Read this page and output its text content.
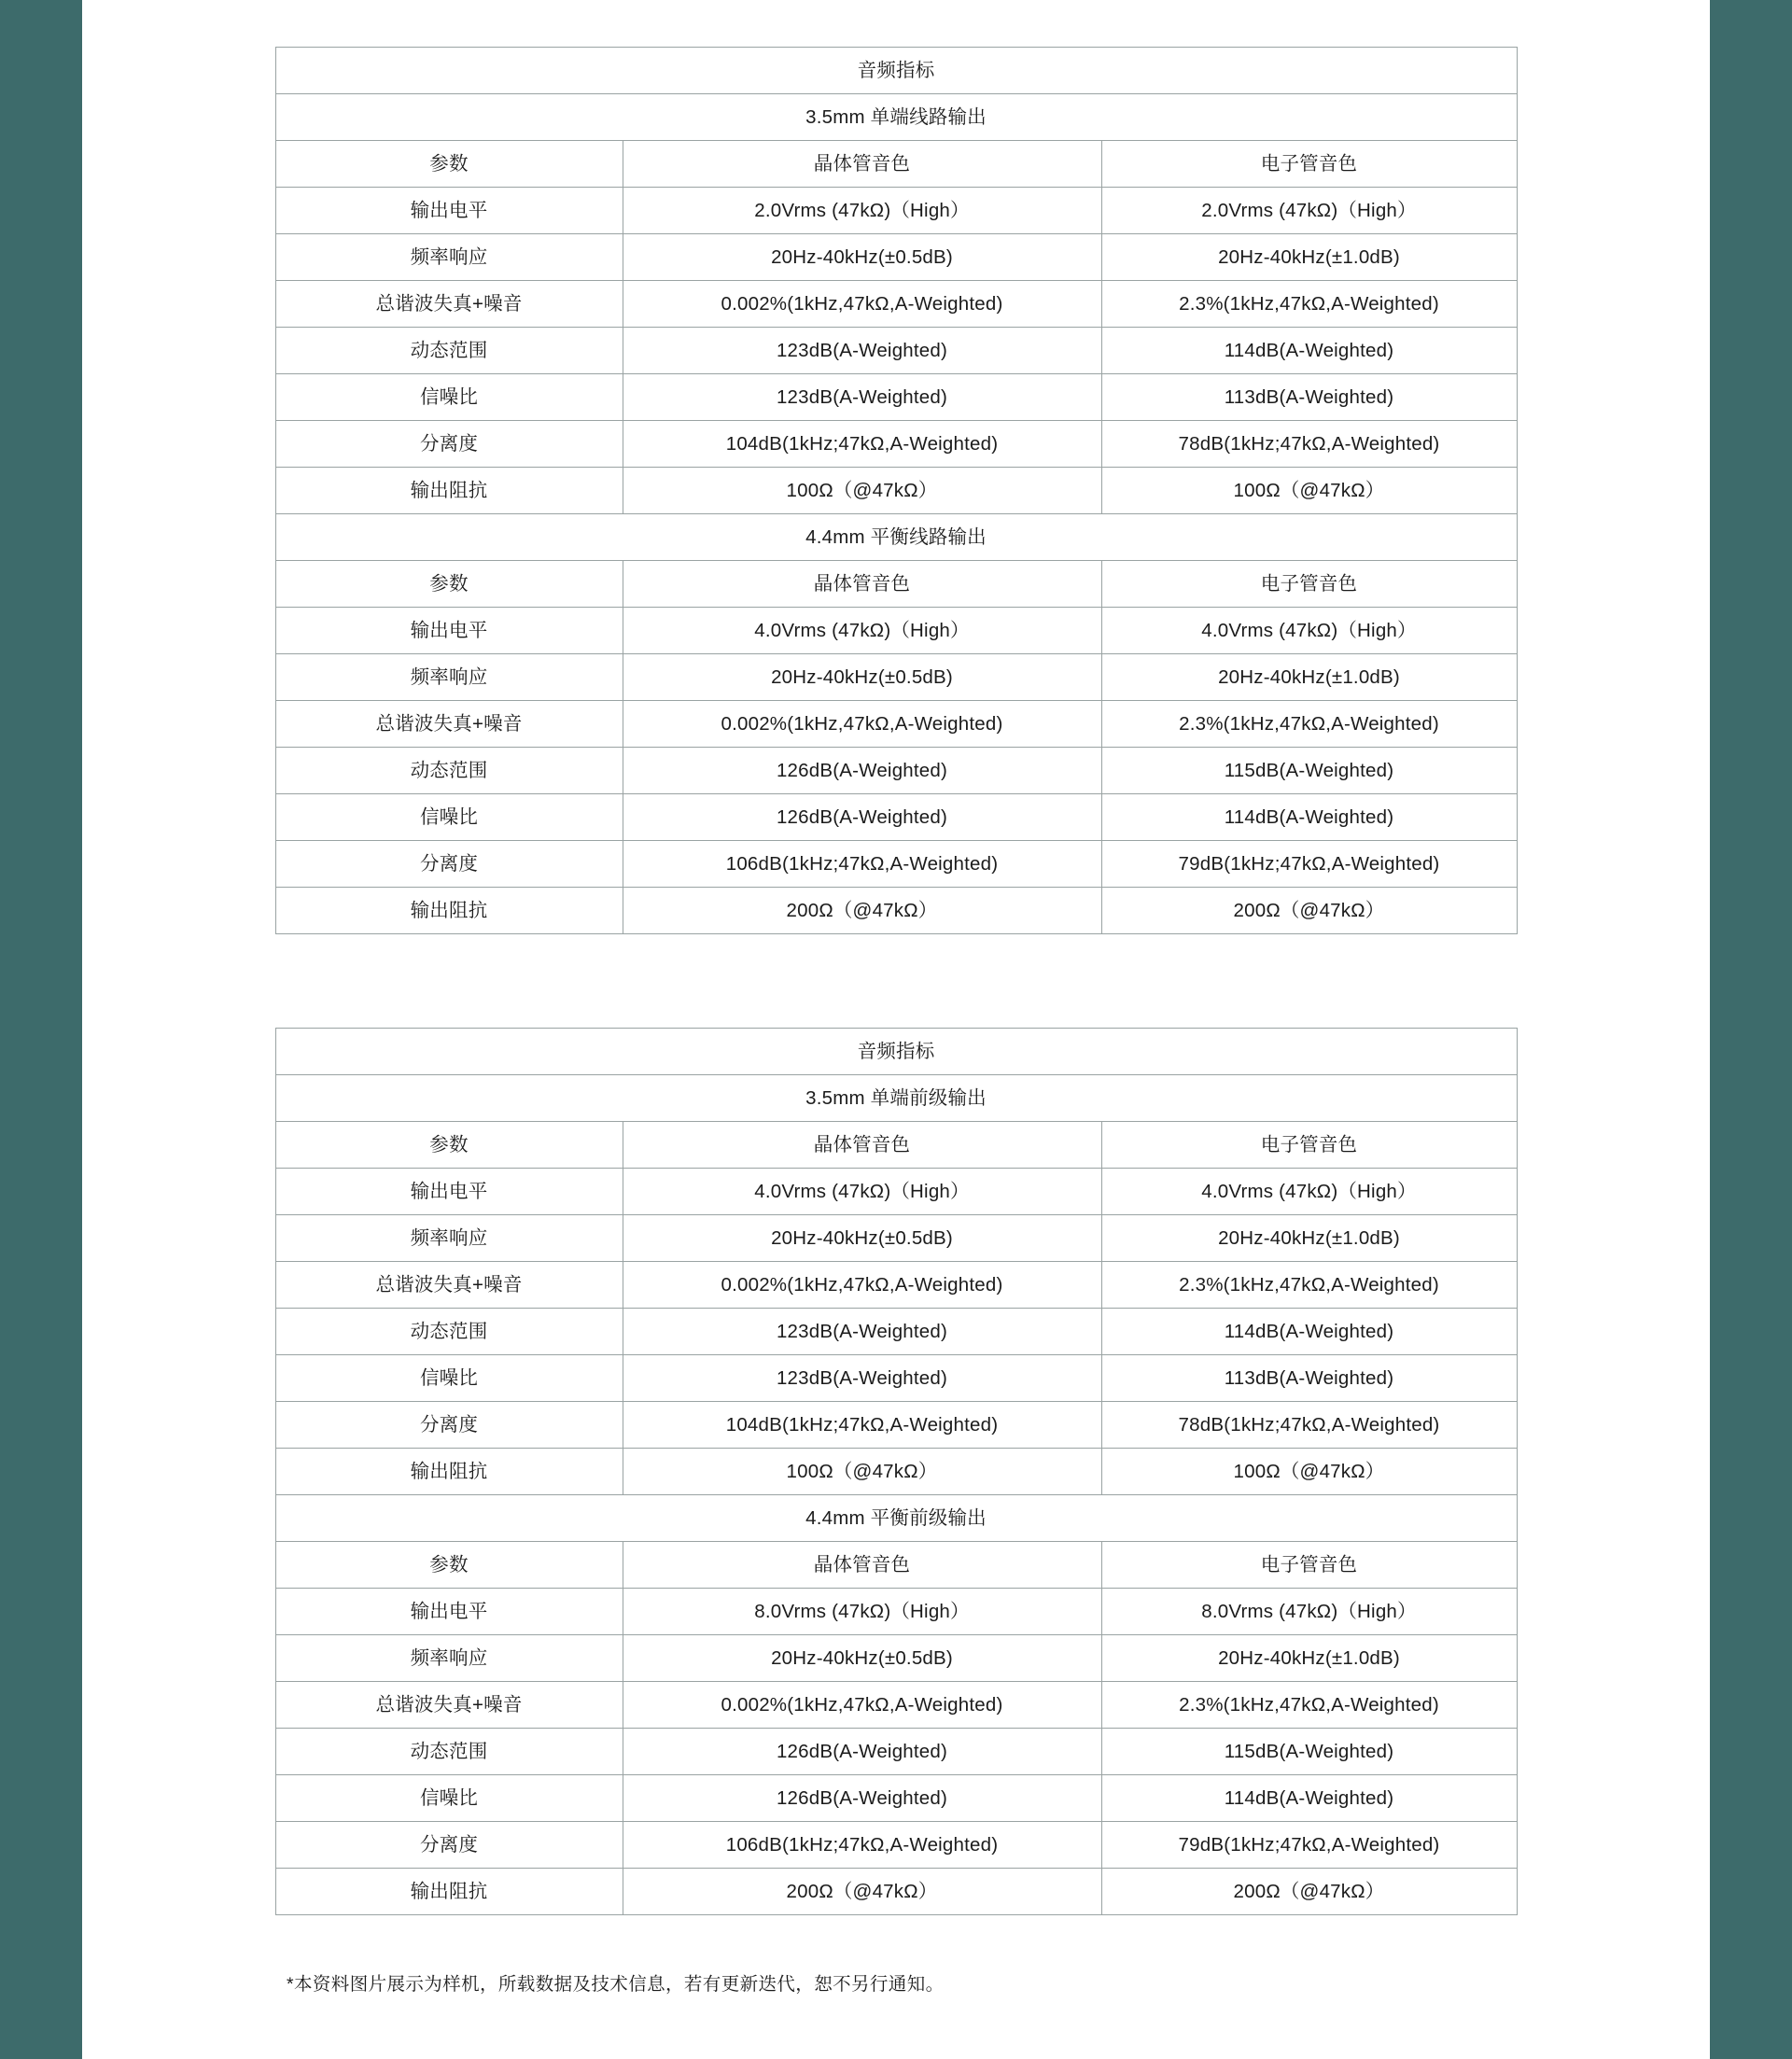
音频指标		
3.5mm 单端线路输出		
参数	晶体管音色	电子管音色
输出电平	2.0Vrms (47kΩ)（High）	2.0Vrms (47kΩ)（High）
频率响应	20Hz-40kHz(±0.5dB)	20Hz-40kHz(±1.0dB)
总谐波失真+噪音	0.002%(1kHz,47kΩ,A-Weighted)	2.3%(1kHz,47kΩ,A-Weighted)
动态范围	123dB(A-Weighted)	114dB(A-Weighted)
信噪比	123dB(A-Weighted)	113dB(A-Weighted)
分离度	104dB(1kHz;47kΩ,A-Weighted)	78dB(1kHz;47kΩ,A-Weighted)
输出阻抗	100Ω（@47kΩ）	100Ω（@47kΩ）
4.4mm 平衡线路输出		
参数	晶体管音色	电子管音色
输出电平	4.0Vrms (47kΩ)（High）	4.0Vrms (47kΩ)（High）
频率响应	20Hz-40kHz(±0.5dB)	20Hz-40kHz(±1.0dB)
总谐波失真+噪音	0.002%(1kHz,47kΩ,A-Weighted)	2.3%(1kHz,47kΩ,A-Weighted)
动态范围	126dB(A-Weighted)	115dB(A-Weighted)
信噪比	126dB(A-Weighted)	114dB(A-Weighted)
分离度	106dB(1kHz;47kΩ,A-Weighted)	79dB(1kHz;47kΩ,A-Weighted)
输出阻抗	200Ω（@47kΩ）	200Ω（@47kΩ）
音频指标		
3.5mm 单端前级输出		
参数	晶体管音色	电子管音色
输出电平	4.0Vrms (47kΩ)（High）	4.0Vrms (47kΩ)（High）
频率响应	20Hz-40kHz(±0.5dB)	20Hz-40kHz(±1.0dB)
总谐波失真+噪音	0.002%(1kHz,47kΩ,A-Weighted)	2.3%(1kHz,47kΩ,A-Weighted)
动态范围	123dB(A-Weighted)	114dB(A-Weighted)
信噪比	123dB(A-Weighted)	113dB(A-Weighted)
分离度	104dB(1kHz;47kΩ,A-Weighted)	78dB(1kHz;47kΩ,A-Weighted)
输出阻抗	100Ω（@47kΩ）	100Ω（@47kΩ）
4.4mm 平衡前级输出		
参数	晶体管音色	电子管音色
输出电平	8.0Vrms (47kΩ)（High）	8.0Vrms (47kΩ)（High）
频率响应	20Hz-40kHz(±0.5dB)	20Hz-40kHz(±1.0dB)
总谐波失真+噪音	0.002%(1kHz,47kΩ,A-Weighted)	2.3%(1kHz,47kΩ,A-Weighted)
动态范围	126dB(A-Weighted)	115dB(A-Weighted)
信噪比	126dB(A-Weighted)	114dB(A-Weighted)
分离度	106dB(1kHz;47kΩ,A-Weighted)	79dB(1kHz;47kΩ,A-Weighted)
输出阻抗	200Ω（@47kΩ）	200Ω（@47kΩ）
*本资料图片展示为样机，所载数据及技术信息，若有更新迭代，恕不另行通知。
